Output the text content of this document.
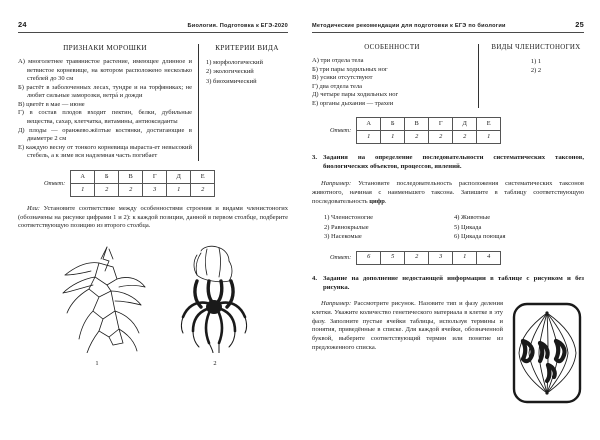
24	Биология. Подготовка к ЕГЭ-2020
ПРИЗНАКИ МОРОШКИ
А) многолетнее травянистое растение, имеющее длинное и ветвистое корневище, на котором расположено несколько стеблей до 30 см
Б) растёт в заболоченных лесах, тундре и на торфяниках; не любит сильные заморозки, ветрá и дожди
В) цветёт в мае — июне
Г) в состав плодов входит пектин, белки, дубильные вещества, сахар, клетчатка, витамины, антиоксиданты
Д) плоды — оранжево.жёлтые костянки, достигающие в диаметре 2 см
Е) каждую весну от тонкого корневища выраста‐ет невысокий стебель, а к зиме вся надземная часть погибает
КРИТЕРИИ ВИДА
1) морфологический
2) экологический
3) биохимический
Ответ:
А	Б	В	Г	Д	Е
1	2	2	3	1	2
Или: Установите соответствие между особенностями строения и видами членистоногих (обозначены на рисунке цифрами 1 и 2): к каждой позиции, данной в первом столбце, подберите соответствующую позицию из второго столбца.
1	2
Методические рекомендации для подготовки к ЕГЭ по биологии	25
ОСОБЕННОСТИ
А) три отдела тела
Б) три пары ходильных ног
В) усики отсутствуют
Г) два отдела тела
Д) четыре пары ходильных ног
Е) органы дыхания — трахеи
ВИДЫ ЧЛЕНИСТОНОГИХ
1) 1
2) 2
Ответ:
А	Б	В	Г	Д	Е
1	1	2	2	2	1
3. Задания на определение последовательности систематических таксонов, биологических объектов, процессов, явлений.
Например: Установите последовательность расположения систематических таксонов животного, начиная с наименьшего таксона. Запишите в таблицу соответствующую последовательность цифр.
1) Членистоногие
2) Равнокрылые
3) Насекомые
4) Животные
5) Цикада
6) Цикада поющая
Ответ: 6	5	2	3	1	4
4. Задание на дополнение недостающей информации в таблице с рисунком и без рисунка.
Например: Рассмотрите рисунок. Назовите тип и фазу деления клетки. Укажите количество генетического материала в клетке в эту фазу. Заполните пустые ячейки таблицы, используя термины и понятия, приведённые в списке. Для каждой ячейки, обозначенной буквой, выберите соответствующий термин или понятие из предложенного списка.
